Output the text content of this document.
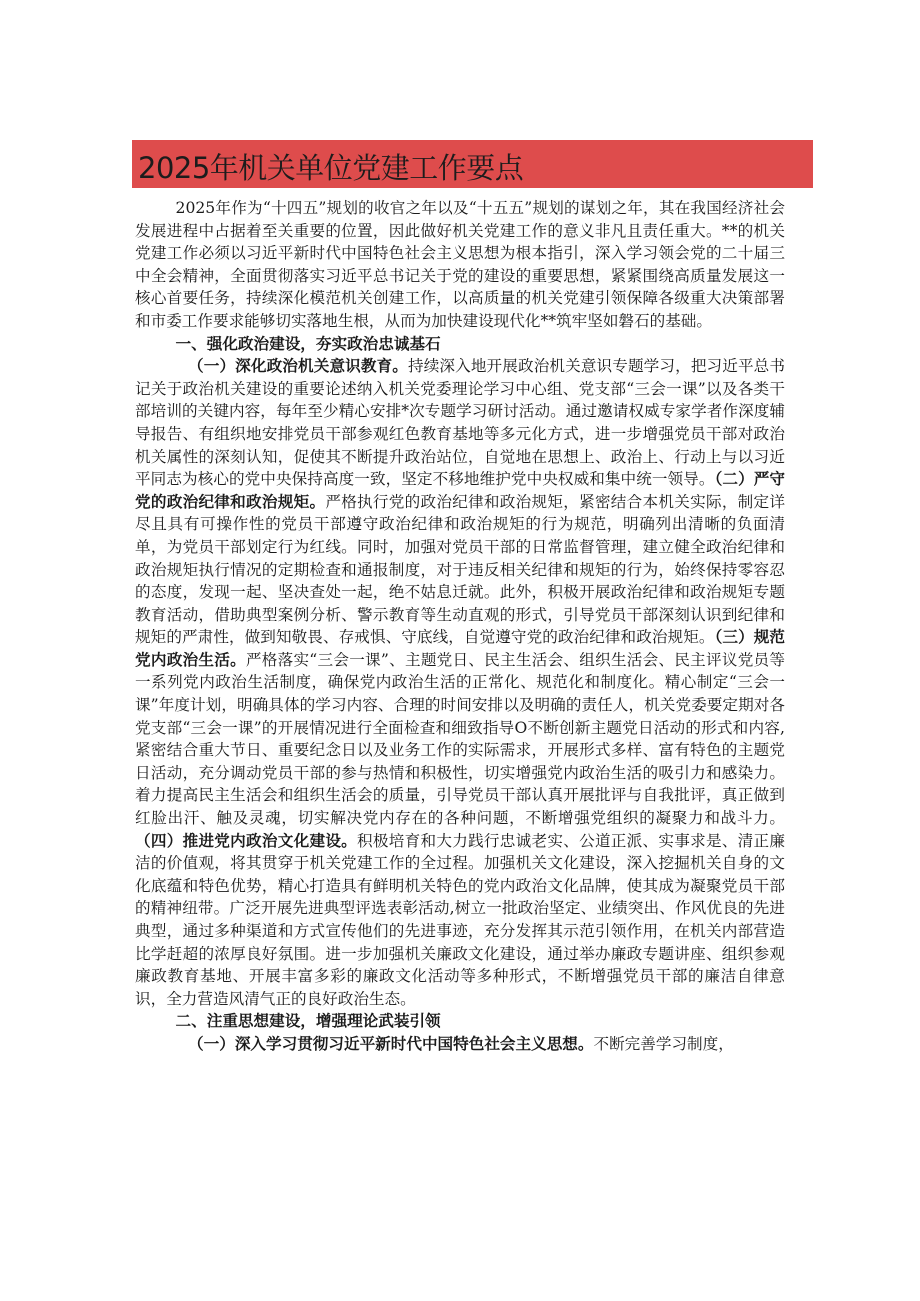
2025年机关单位党建工作要点

2025年作为“十四五”规划的收官之年以及“十五五”规划的谋划之年，其在我国经济社会发展进程中占据着至关重要的位置，因此做好机关党建工作的意义非凡且责任重大。**的机关党建工作必须以习近平新时代中国特色社会主义思想为根本指引，深入学习领会党的二十届三中全会精神，全面贯彻落实习近平总书记关于党的建设的重要思想，紧紧围绕高质量发展这一核心首要任务，持续深化模范机关创建工作，以高质量的机关党建引领保障各级重大决策部署和市委工作要求能够切实落地生根，从而为加快建设现代化**筑牢坚如磐石的基础。

一、强化政治建设，夯实政治忠诚基石

（一）深化政治机关意识教育。持续深入地开展政治机关意识专题学习，把习近平总书记关于政治机关建设的重要论述纳入机关党委理论学习中心组、党支部“三会一课”以及各类干部培训的关键内容，每年至少精心安排*次专题学习研讨活动。通过邀请权威专家学者作深度辅导报告、有组织地安排党员干部参观红色教育基地等多元化方式，进一步增强党员干部对政治机关属性的深刻认知，促使其不断提升政治站位，自觉地在思想上、政治上、行动上与以习近平同志为核心的党中央保持高度一致，坚定不移地维护党中央权威和集中统一领导。（二）严守党的政治纪律和政治规矩。严格执行党的政治纪律和政治规矩，紧密结合本机关实际，制定详尽且具有可操作性的党员干部遵守政治纪律和政治规矩的行为规范，明确列出清晰的负面清单，为党员干部划定行为红线。同时，加强对党员干部的日常监督管理，建立健全政治纪律和政治规矩执行情况的定期检查和通报制度，对于违反相关纪律和规矩的行为，始终保持零容忍的态度，发现一起、坚决查处一起，绝不姑息迁就。此外，积极开展政治纪律和政治规矩专题教育活动，借助典型案例分析、警示教育等生动直观的形式，引导党员干部深刻认识到纪律和规矩的严肃性，做到知敬畏、存戒惧、守底线，自觉遵守党的政治纪律和政治规矩。（三）规范党内政治生活。严格落实“三会一课”、主题党日、民主生活会、组织生活会、民主评议党员等一系列党内政治生活制度，确保党内政治生活的正常化、规范化和制度化。精心制定“三会一课”年度计划，明确具体的学习内容、合理的时间安排以及明确的责任人，机关党委要定期对各党支部“三会一课”的开展情况进行全面检查和细致指导O不断创新主题党日活动的形式和内容,紧密结合重大节日、重要纪念日以及业务工作的实际需求，开展形式多样、富有特色的主题党日活动，充分调动党员干部的参与热情和积极性，切实增强党内政治生活的吸引力和感染力。着力提高民主生活会和组织生活会的质量，引导党员干部认真开展批评与自我批评，真正做到红脸出汗、触及灵魂，切实解决党内存在的各种问题，不断增强党组织的凝聚力和战斗力。（四）推进党内政治文化建设。积极培育和大力践行忠诚老实、公道正派、实事求是、清正廉洁的价值观，将其贯穿于机关党建工作的全过程。加强机关文化建设，深入挖掘机关自身的文化底蕴和特色优势，精心打造具有鲜明机关特色的党内政治文化品牌，使其成为凝聚党员干部的精神纽带。广泛开展先进典型评选表彰活动,树立一批政治坚定、业绩突出、作风优良的先进典型，通过多种渠道和方式宣传他们的先进事迹，充分发挥其示范引领作用，在机关内部营造比学赶超的浓厚良好氛围。进一步加强机关廉政文化建设，通过举办廉政专题讲座、组织参观廉政教育基地、开展丰富多彩的廉政文化活动等多种形式，不断增强党员干部的廉洁自律意识，全力营造风清气正的良好政治生态。

二、注重思想建设，增强理论武装引领

（一）深入学习贯彻习近平新时代中国特色社会主义思想。不断完善学习制度，
